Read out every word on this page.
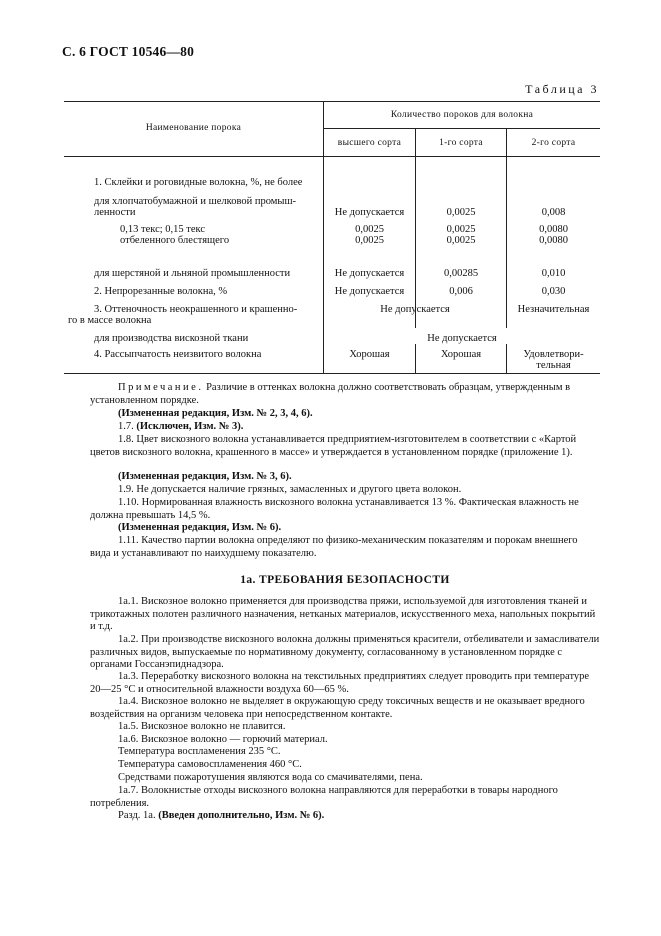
С. 6 ГОСТ 10546—80
Таблица 3
Наименование порока
Количество пороков для волокна
высшего сорта	1-го сорта	2-го сорта
1. Склейки и роговидные волокна, %, не более
для хлопчатобумажной и шелковой промыш-
ленности	Не допускается	0,0025	0,008
0,13 текс; 0,15 текс
отбеленного блестящего
0,0025	0,0025	0,0080
0,0025	0,0025	0,0080
для шерстяной и льняной промышленности	Не допускается	0,00285	0,010
2. Непрорезанные волокна, %	Не допускается	0,006	0,030
3. Оттеночность неокрашенного и крашенно-
го в массе волокна
Не допускается	Незначительная
для производства вискозной ткани	Не допускается
4. Рассыпчатость неизвитого волокна	Хорошая	Хорошая	Удовлетвори-
тельная
Примечание. Различие в оттенках волокна должно соответствовать образцам, утвержденным в установленном порядке.
(Измененная редакция, Изм. № 2, 3, 4, 6).
1.7. (Исключен, Изм. № 3).
1.8. Цвет вискозного волокна устанавливается предприятием-изготовителем в соответствии с «Картой цветов вискозного волокна, крашенного в массе» и утверждается в установленном порядке (приложение 1).
(Измененная редакция, Изм. № 3, 6).
1.9. Не допускается наличие грязных, замасленных и другого цвета волокон.
1.10. Нормированная влажность вискозного волокна устанавливается 13 %. Фактическая влажность не должна превышать 14,5 %.
(Измененная редакция, Изм. № 6).
1.11. Качество партии волокна определяют по физико-механическим показателям и порокам внешнего вида и устанавливают по наихудшему показателю.
1а. ТРЕБОВАНИЯ БЕЗОПАСНОСТИ
1а.1. Вискозное волокно применяется для производства пряжи, используемой для изготовления тканей и трикотажных полотен различного назначения, нетканых материалов, искусственного меха, напольных покрытий и т.д.
1а.2. При производстве вискозного волокна должны применяться красители, отбеливатели и замасливатели различных видов, выпускаемые по нормативному документу, согласованному в установленном порядке с органами Госсанэпиднадзора.
1а.3. Переработку вискозного волокна на текстильных предприятиях следует проводить при температуре 20—25 °С и относительной влажности воздуха 60—65 %.
1а.4. Вискозное волокно не выделяет в окружающую среду токсичных веществ и не оказывает вредного воздействия на организм человека при непосредственном контакте.
1а.5. Вискозное волокно не плавится.
1а.6. Вискозное волокно — горючий материал.
Температура воспламенения 235 °С.
Температура самовоспламенения 460 °С.
Средствами пожаротушения являются вода со смачивателями, пена.
1а.7. Волокнистые отходы вискозного волокна направляются для переработки в товары народного потребления.
Разд. 1а. (Введен дополнительно, Изм. № 6).
